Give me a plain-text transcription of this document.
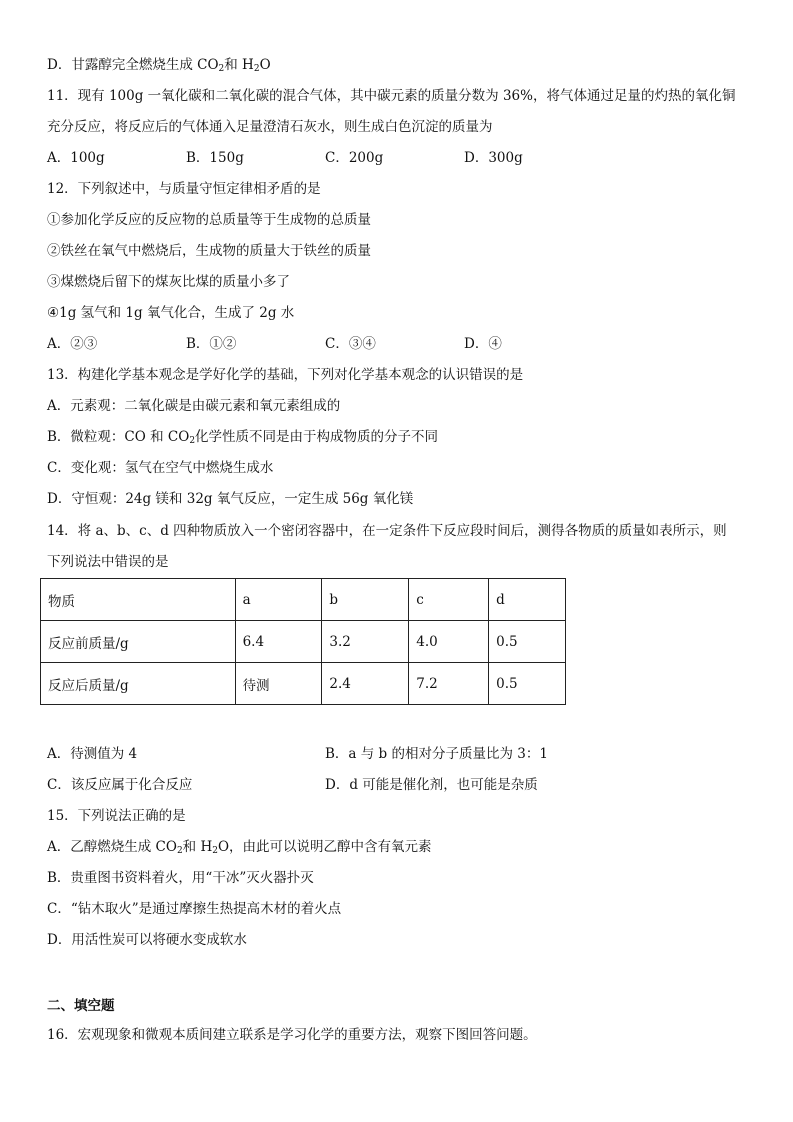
D．甘露醇完全燃烧生成 $CO_2$和 $H_2O$
11．现有 100g 一氧化碳和二氧化碳的混合气体，其中碳元素的质量分数为 36%，将气体通过足量的灼热的氧化铜
充分反应，将反应后的气体通入足量澄清石灰水，则生成白色沉淀的质量为
A．100g	B．150g	C．200g	D．300g
12．下列叙述中，与质量守恒定律相矛盾的是
①参加化学反应的反应物的总质量等于生成物的总质量
②铁丝在氧气中燃烧后，生成物的质量大于铁丝的质量
③煤燃烧后留下的煤灰比煤的质量小多了
④1g 氢气和 1g 氧气化合，生成了 2g 水
A．②③	B．①②	C．③④	D．④
13．构建化学基本观念是学好化学的基础，下列对化学基本观念的认识错误的是
A．元素观：二氧化碳是由碳元素和氧元素组成的
B．微粒观：CO 和 $CO_2$化学性质不同是由于构成物质的分子不同
C．变化观：氢气在空气中燃烧生成水
D．守恒观：24g 镁和 32g 氧气反应，一定生成 56g 氧化镁
14．将 a、b、c、d 四种物质放入一个密闭容器中，在一定条件下反应段时间后，测得各物质的质量如表所示，则
下列说法中错误的是
物质	a	b	c	d
反应前质量/g	6.4	3.2	4.0	0.5
反应后质量/g	待测	2.4	7.2	0.5
A．待测值为 4	B．a 与 b 的相对分子质量比为 3：1
C．该反应属于化合反应	D．d 可能是催化剂，也可能是杂质
15．下列说法正确的是
A．乙醇燃烧生成 $CO_2$和 $H_2O$，由此可以说明乙醇中含有氧元素
B．贵重图书资料着火，用“干冰”灭火器扑灭
C．“钻木取火”是通过摩擦生热提高木材的着火点
D．用活性炭可以将硬水变成软水
二、填空题
16．宏观现象和微观本质间建立联系是学习化学的重要方法，观察下图回答问题。
